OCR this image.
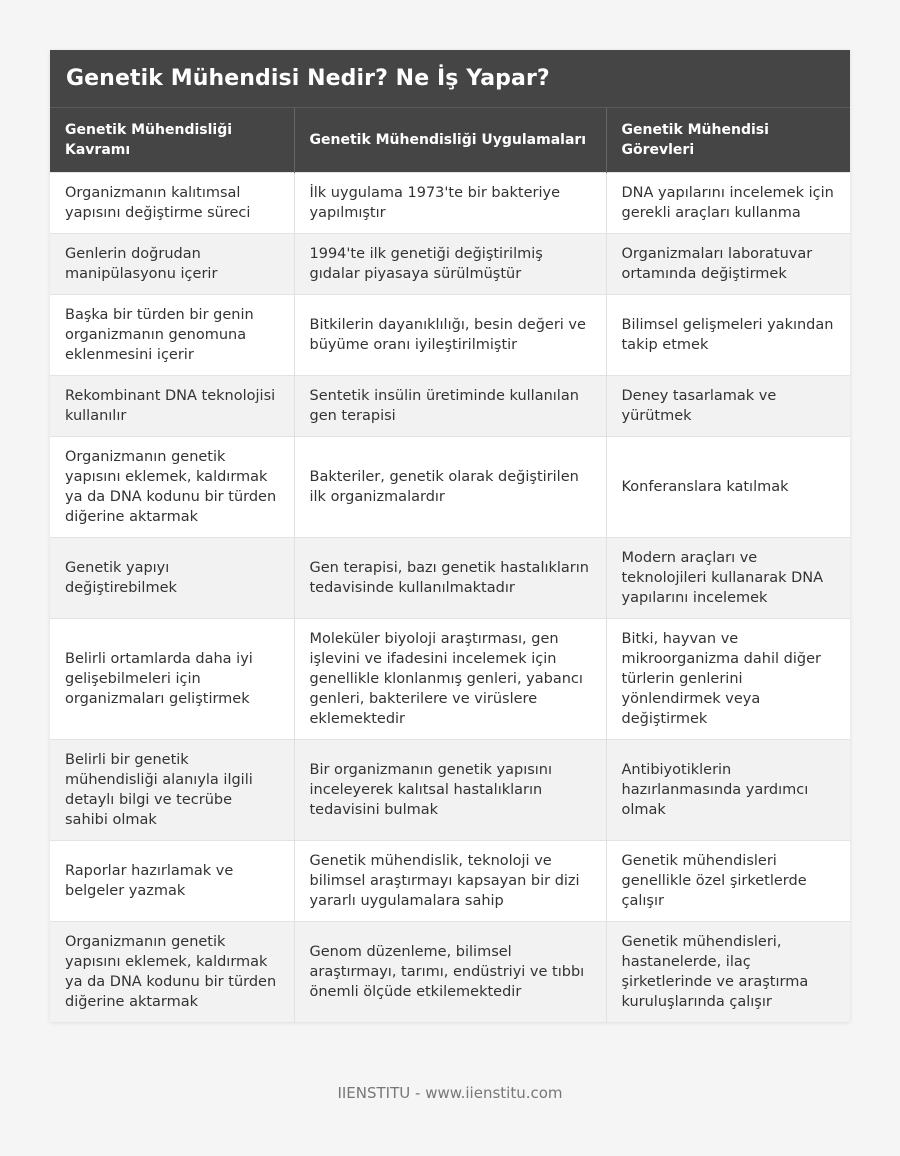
Genetik Mühendisi Nedir? Ne İş Yapar?
Genetik Mühendisliği Kavramı	Genetik Mühendisliği Uygulamaları	Genetik Mühendisi Görevleri
Organizmanın kalıtımsal yapısını değiştirme süreci	İlk uygulama 1973'te bir bakteriye yapılmıştır	DNA yapılarını incelemek için gerekli araçları kullanma
Genlerin doğrudan manipülasyonu içerir	1994'te ilk genetiği değiştirilmiş gıdalar piyasaya sürülmüştür	Organizmaları laboratuvar ortamında değiştirmek
Başka bir türden bir genin organizmanın genomuna eklenmesini içerir	Bitkilerin dayanıklılığı, besin değeri ve büyüme oranı iyileştirilmiştir	Bilimsel gelişmeleri yakından takip etmek
Rekombinant DNA teknolojisi kullanılır	Sentetik insülin üretiminde kullanılan gen terapisi	Deney tasarlamak ve yürütmek
Organizmanın genetik yapısını eklemek, kaldırmak ya da DNA kodunu bir türden diğerine aktarmak	Bakteriler, genetik olarak değiştirilen ilk organizmalardır	Konferanslara katılmak
Genetik yapıyı değiştirebilmek	Gen terapisi, bazı genetik hastalıkların tedavisinde kullanılmaktadır	Modern araçları ve teknolojileri kullanarak DNA yapılarını incelemek
Belirli ortamlarda daha iyi gelişebilmeleri için organizmaları geliştirmek	Moleküler biyoloji araştırması, gen işlevini ve ifadesini incelemek için genellikle klonlanmış genleri, yabancı genleri, bakterilere ve virüslere eklemektedir	Bitki, hayvan ve mikroorganizma dahil diğer türlerin genlerini yönlendirmek veya değiştirmek
Belirli bir genetik mühendisliği alanıyla ilgili detaylı bilgi ve tecrübe sahibi olmak	Bir organizmanın genetik yapısını inceleyerek kalıtsal hastalıkların tedavisini bulmak	Antibiyotiklerin hazırlanmasında yardımcı olmak
Raporlar hazırlamak ve belgeler yazmak	Genetik mühendislik, teknoloji ve bilimsel araştırmayı kapsayan bir dizi yararlı uygulamalara sahip	Genetik mühendisleri genellikle özel şirketlerde çalışır
Organizmanın genetik yapısını eklemek, kaldırmak ya da DNA kodunu bir türden diğerine aktarmak	Genom düzenleme, bilimsel araştırmayı, tarımı, endüstriyi ve tıbbı önemli ölçüde etkilemektedir	Genetik mühendisleri, hastanelerde, ilaç şirketlerinde ve araştırma kuruluşlarında çalışır
IIENSTITU - www.iienstitu.com
